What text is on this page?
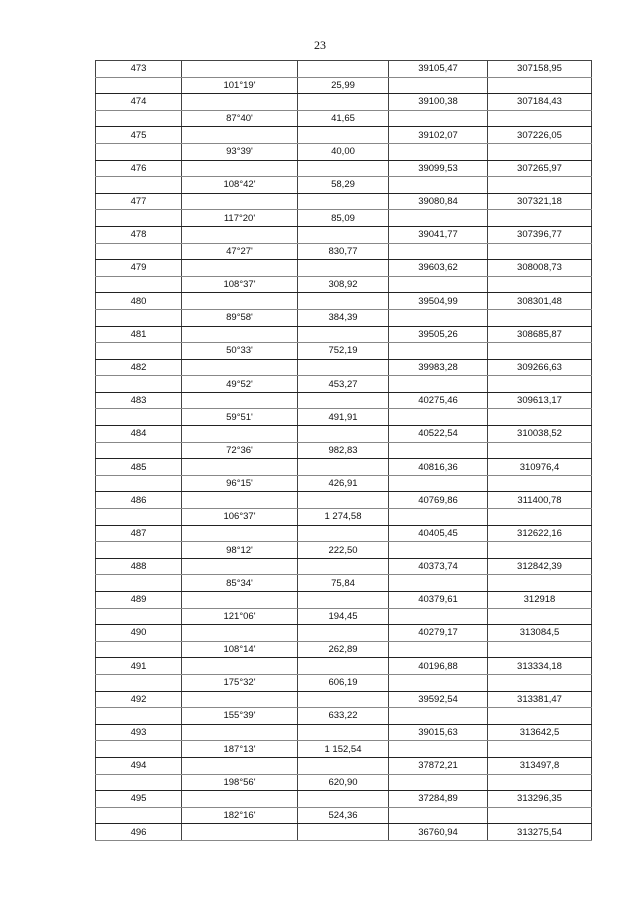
23
473			39105,47	307158,95
	101°19'	25,99		
474			39100,38	307184,43
	87°40'	41,65		
475			39102,07	307226,05
	93°39'	40,00		
476			39099,53	307265,97
	108°42'	58,29		
477			39080,84	307321,18
	117°20'	85,09		
478			39041,77	307396,77
	47°27'	830,77		
479			39603,62	308008,73
	108°37'	308,92		
480			39504,99	308301,48
	89°58'	384,39		
481			39505,26	308685,87
	50°33'	752,19		
482			39983,28	309266,63
	49°52'	453,27		
483			40275,46	309613,17
	59°51'	491,91		
484			40522,54	310038,52
	72°36'	982,83		
485			40816,36	310976,4
	96°15'	426,91		
486			40769,86	311400,78
	106°37'	1 274,58		
487			40405,45	312622,16
	98°12'	222,50		
488			40373,74	312842,39
	85°34'	75,84		
489			40379,61	312918
	121°06'	194,45		
490			40279,17	313084,5
	108°14'	262,89		
491			40196,88	313334,18
	175°32'	606,19		
492			39592,54	313381,47
	155°39'	633,22		
493			39015,63	313642,5
	187°13'	1 152,54		
494			37872,21	313497,8
	198°56'	620,90		
495			37284,89	313296,35
	182°16'	524,36		
496			36760,94	313275,54
